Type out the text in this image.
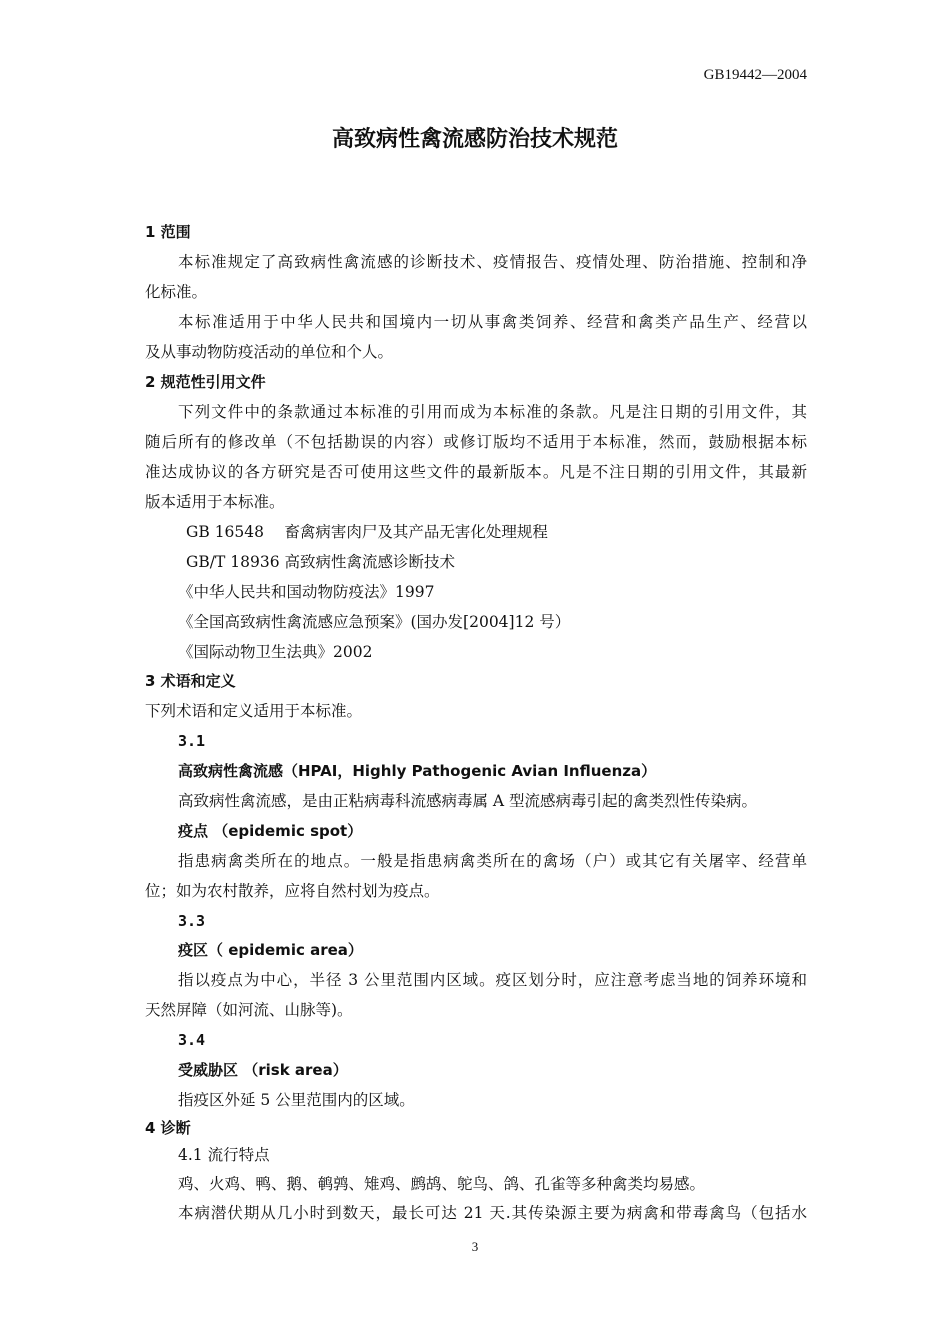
GB19442—2004
高致病性禽流感防治技术规范
1 范围
本标准规定了高致病性禽流感的诊断技术、疫情报告、疫情处理、防治措施、控制和净
化标准。
本标准适用于中华人民共和国境内一切从事禽类饲养、经营和禽类产品生产、经营以
及从事动物防疫活动的单位和个人。
2 规范性引用文件
下列文件中的条款通过本标准的引用而成为本标准的条款。凡是注日期的引用文件，其
随后所有的修改单（不包括勘误的内容）或修订版均不适用于本标准，然而，鼓励根据本标
准达成协议的各方研究是否可使用这些文件的最新版本。凡是不注日期的引用文件，其最新
版本适用于本标准。
GB 16548　 畜禽病害肉尸及其产品无害化处理规程
GB/T 18936 高致病性禽流感诊断技术
《中华人民共和国动物防疫法》1997
《全国高致病性禽流感应急预案》(国办发[2004]12 号）
《国际动物卫生法典》2002
3 术语和定义
下列术语和定义适用于本标准。
3.1
高致病性禽流感（HPAI，Highly Pathogenic Avian Influenza）
高致病性禽流感，是由正粘病毒科流感病毒属 A 型流感病毒引起的禽类烈性传染病。
疫点 （epidemic spot）
指患病禽类所在的地点。一般是指患病禽类所在的禽场（户）或其它有关屠宰、经营单
位；如为农村散养，应将自然村划为疫点。
3.3
疫区（ epidemic area）
指以疫点为中心，半径 3 公里范围内区域。疫区划分时，应注意考虑当地的饲养环境和
天然屏障（如河流、山脉等)。
3.4
受威胁区 （risk area）
指疫区外延 5 公里范围内的区域。
4 诊断
4.1 流行特点
鸡、火鸡、鸭、鹅、鹌鹑、雉鸡、鹧鸪、鸵鸟、鸽、孔雀等多种禽类均易感。
本病潜伏期从几小时到数天，最长可达 21 天.其传染源主要为病禽和带毒禽鸟（包括水
3
